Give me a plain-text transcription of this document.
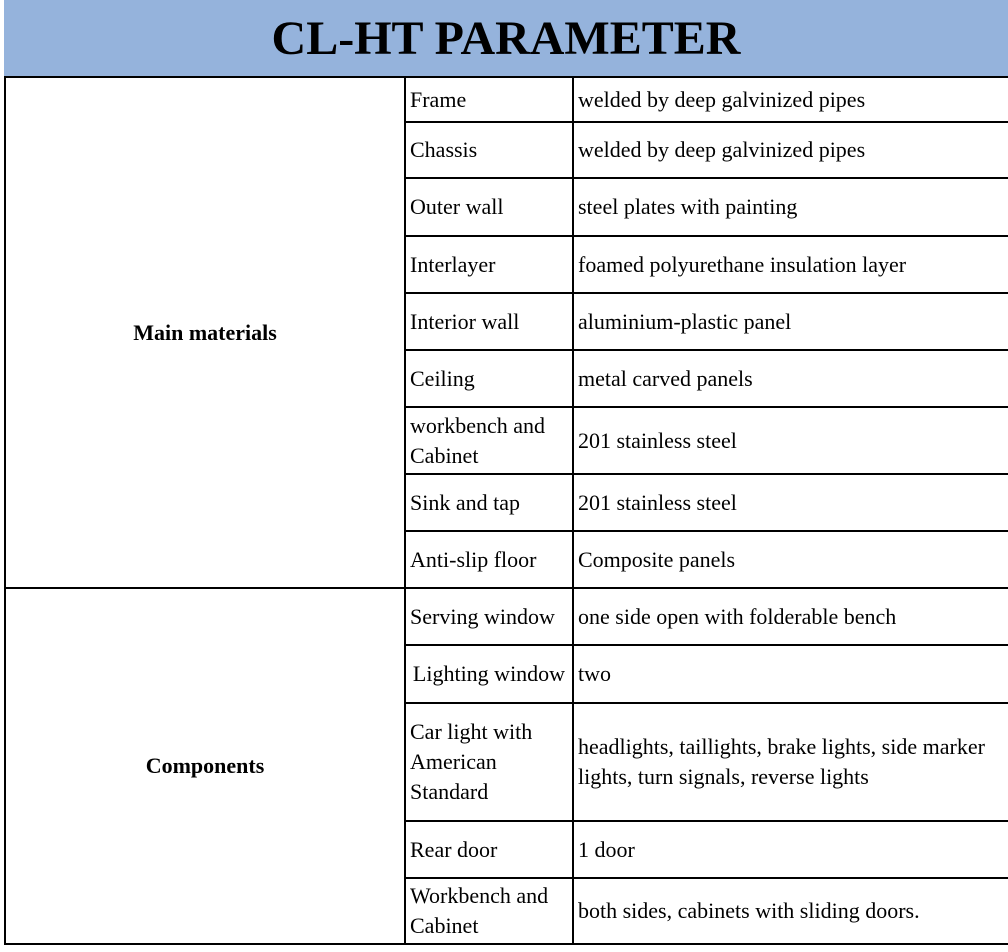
CL-HT PARAMETER
Main materials	Frame	welded by deep galvinized pipes
	Chassis	welded by deep galvinized pipes
	Outer wall	steel plates with painting
	Interlayer	foamed polyurethane insulation layer
	Interior wall	aluminium-plastic panel
	Ceiling	metal carved panels
	workbench and Cabinet	201 stainless steel
	Sink and tap	201 stainless steel
	Anti-slip floor	Composite panels
Components	Serving window	one side open with folderable bench
	Lighting window	two
	Car light with American Standard	headlights, taillights, brake lights, side marker lights, turn signals, reverse lights
	Rear door	1 door
	Workbench and Cabinet	both sides, cabinets with sliding doors.
